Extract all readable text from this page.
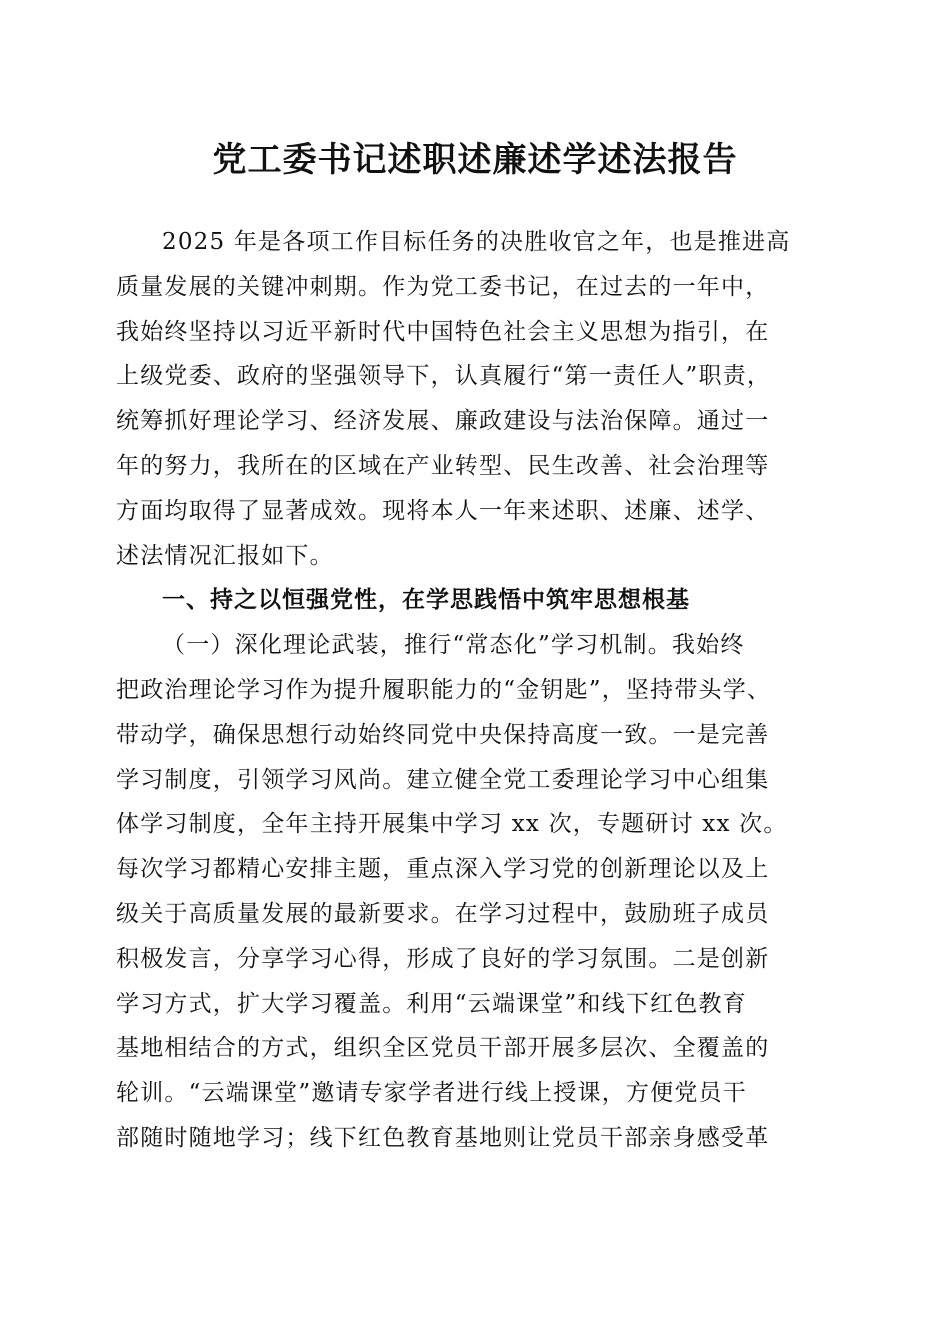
党工委书记述职述廉述学述法报告
2025 年是各项工作目标任务的决胜收官之年，也是推进高
质量发展的关键冲刺期。作为党工委书记，在过去的一年中，
我始终坚持以习近平新时代中国特色社会主义思想为指引，在
上级党委、政府的坚强领导下，认真履行“第一责任人”职责，
统筹抓好理论学习、经济发展、廉政建设与法治保障。通过一
年的努力，我所在的区域在产业转型、民生改善、社会治理等
方面均取得了显著成效。现将本人一年来述职、述廉、述学、
述法情况汇报如下。
一、持之以恒强党性，在学思践悟中筑牢思想根基
（一）深化理论武装，推行“常态化”学习机制。我始终
把政治理论学习作为提升履职能力的“金钥匙”，坚持带头学、
带动学，确保思想行动始终同党中央保持高度一致。一是完善
学习制度，引领学习风尚。建立健全党工委理论学习中心组集
体学习制度，全年主持开展集中学习 xx 次，专题研讨 xx 次。
每次学习都精心安排主题，重点深入学习党的创新理论以及上
级关于高质量发展的最新要求。在学习过程中，鼓励班子成员
积极发言，分享学习心得，形成了良好的学习氛围。二是创新
学习方式，扩大学习覆盖。利用“云端课堂”和线下红色教育
基地相结合的方式，组织全区党员干部开展多层次、全覆盖的
轮训。“云端课堂”邀请专家学者进行线上授课，方便党员干
部随时随地学习；线下红色教育基地则让党员干部亲身感受革
